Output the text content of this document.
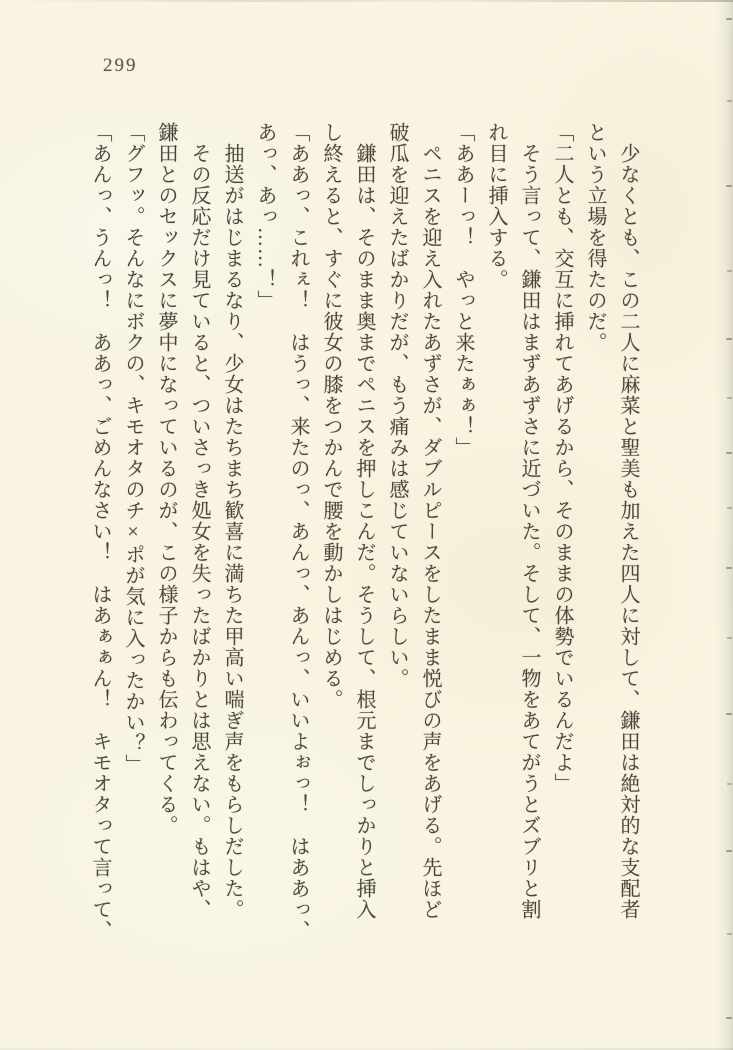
299

少なくとも、この二人に麻菜と聖美も加えた四人に対して、鎌田は絶対的な支配者

という立場を得たのだ。

「二人とも、交互に挿れてあげるから、そのままの体勢でいるんだよ」

そう言って、鎌田はまずあずさに近づいた。そして、一物をあてがうとズブリと割

れ目に挿入する。

「ああーっ！　やっと来たぁぁ！」

ペニスを迎え入れたあずさが、ダブルピースをしたまま悦びの声をあげる。先ほど

破瓜を迎えたばかりだが、もう痛みは感じていないらしい。

鎌田は、そのまま奥までペニスを押しこんだ。そうして、根元までしっかりと挿入

し終えると、すぐに彼女の膝をつかんで腰を動かしはじめる。

「ああっ、これぇ！　はうっ、来たのっ、あんっ、あんっ、いいよぉっ！　はああっ、

あっ、あっ……！」

抽送がはじまるなり、少女はたちまち歓喜に満ちた甲高い喘ぎ声をもらしだした。

その反応だけ見ていると、ついさっき処女を失ったばかりとは思えない。もはや、

鎌田とのセックスに夢中になっているのが、この様子からも伝わってくる。

「グフッ。そんなにボクの、キモオタのチ×ポが気に入ったかい？」

「あんっ、うんっ！　ああっ、ごめんなさい！　はあぁぁん！　キモオタって言って、
